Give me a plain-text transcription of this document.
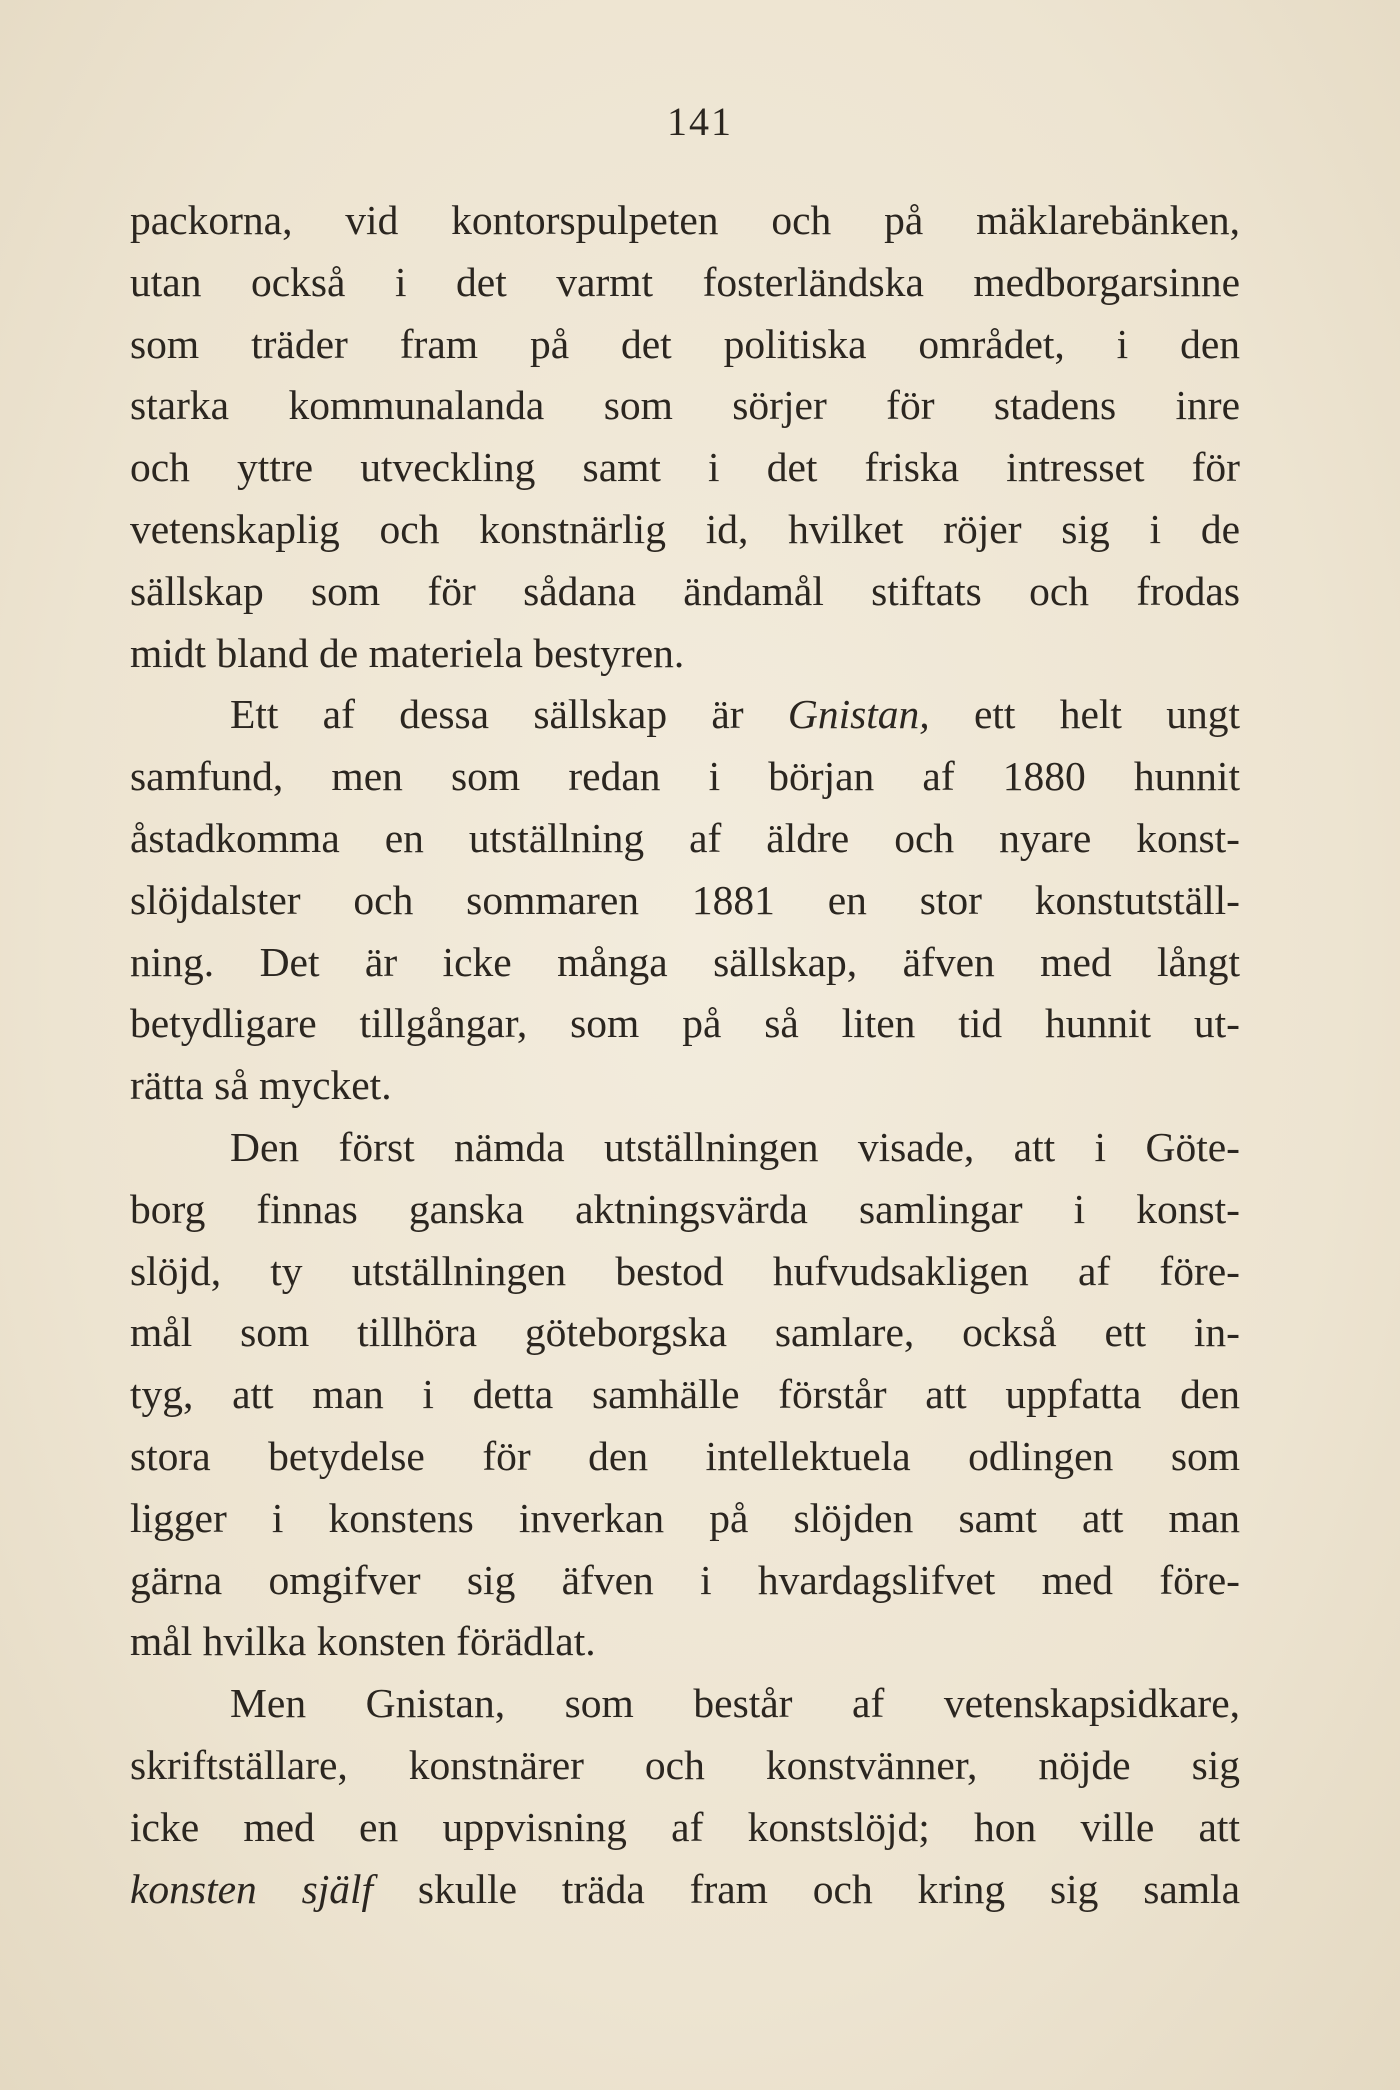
141
packorna, vid kontorspulpeten och på mäklarebänken,
utan också i det varmt fosterländska medborgarsinne
som träder fram på det politiska området, i den
starka kommunalanda som sörjer för stadens inre
och yttre utveckling samt i det friska intresset för
vetenskaplig och konstnärlig id, hvilket röjer sig i de
sällskap som för sådana ändamål stiftats och frodas
midt bland de materiela bestyren.
Ett af dessa sällskap är Gnistan, ett helt ungt
samfund, men som redan i början af 1880 hunnit
åstadkomma en utställning af äldre och nyare konst-
slöjdalster och sommaren 1881 en stor konstutställ-
ning. Det är icke många sällskap, äfven med långt
betydligare tillgångar, som på så liten tid hunnit ut-
rätta så mycket.
Den först nämda utställningen visade, att i Göte-
borg finnas ganska aktningsvärda samlingar i konst-
slöjd, ty utställningen bestod hufvudsakligen af före-
mål som tillhöra göteborgska samlare, också ett in-
tyg, att man i detta samhälle förstår att uppfatta den
stora betydelse för den intellektuela odlingen som
ligger i konstens inverkan på slöjden samt att man
gärna omgifver sig äfven i hvardagslifvet med före-
mål hvilka konsten förädlat.
Men Gnistan, som består af vetenskapsidkare,
skriftställare, konstnärer och konstvänner, nöjde sig
icke med en uppvisning af konstslöjd; hon ville att
konsten själf skulle träda fram och kring sig samla
